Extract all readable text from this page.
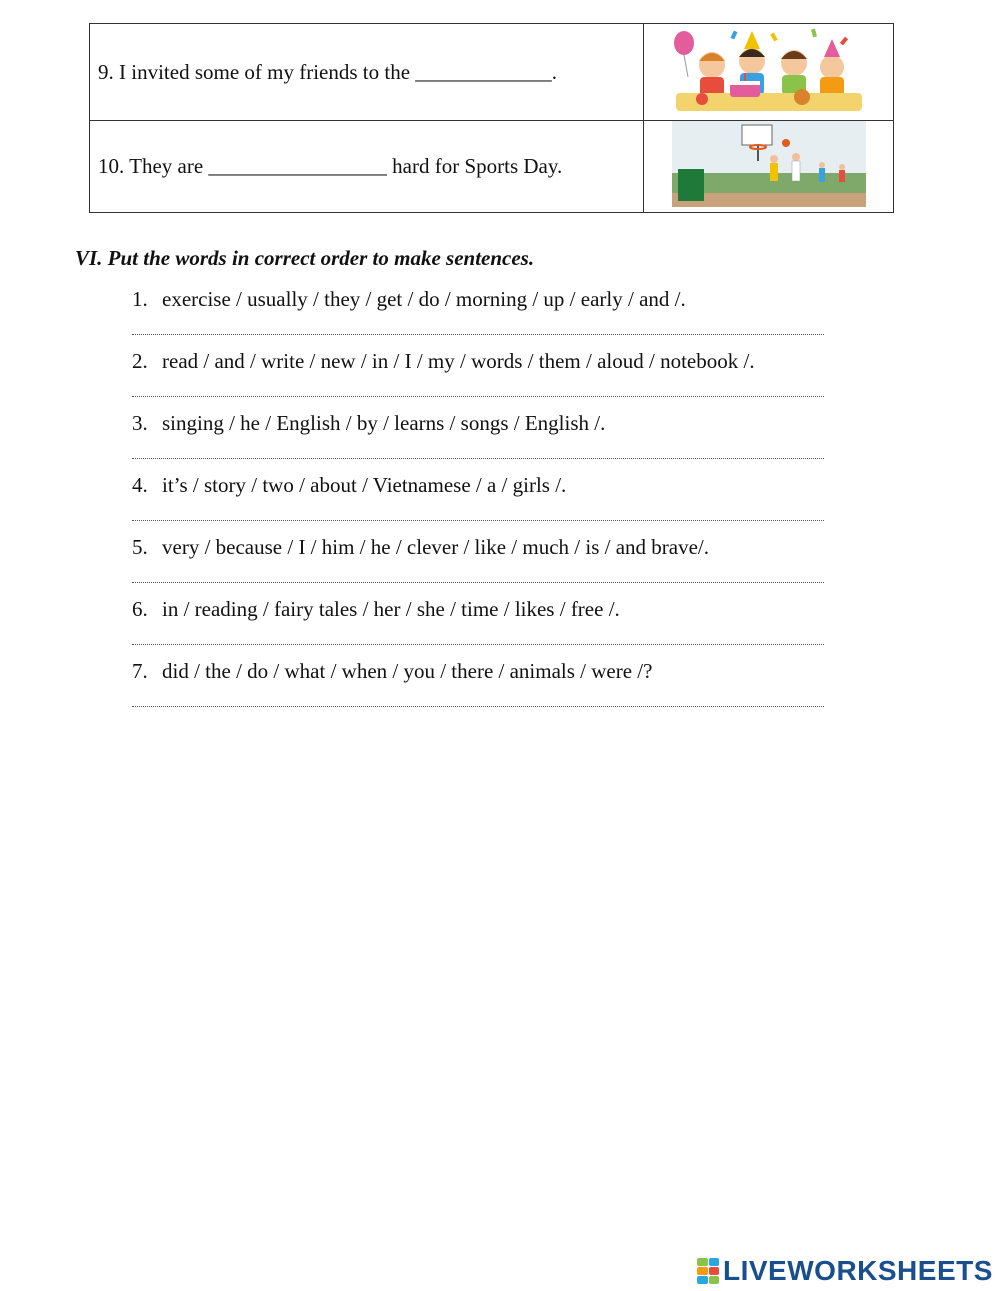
9. I invited some of my friends to the _____________.	
10. They are _________________ hard for Sports Day.	
VI. Put the words in correct order to make sentences.
1. exercise / usually / they / get / do / morning / up / early / and /.
2. read / and / write / new / in / I / my / words / them / aloud / notebook /.
3. singing / he / English / by / learns / songs / English /.
4. it’s / story / two / about / Vietnamese / a / girls /.
5. very / because / I / him / he / clever / like / much / is / and brave/.
6. in / reading / fairy tales / her / she / time / likes / free /.
7. did / the / do / what / when / you / there / animals / were /?
LIVEWORKSHEETS
